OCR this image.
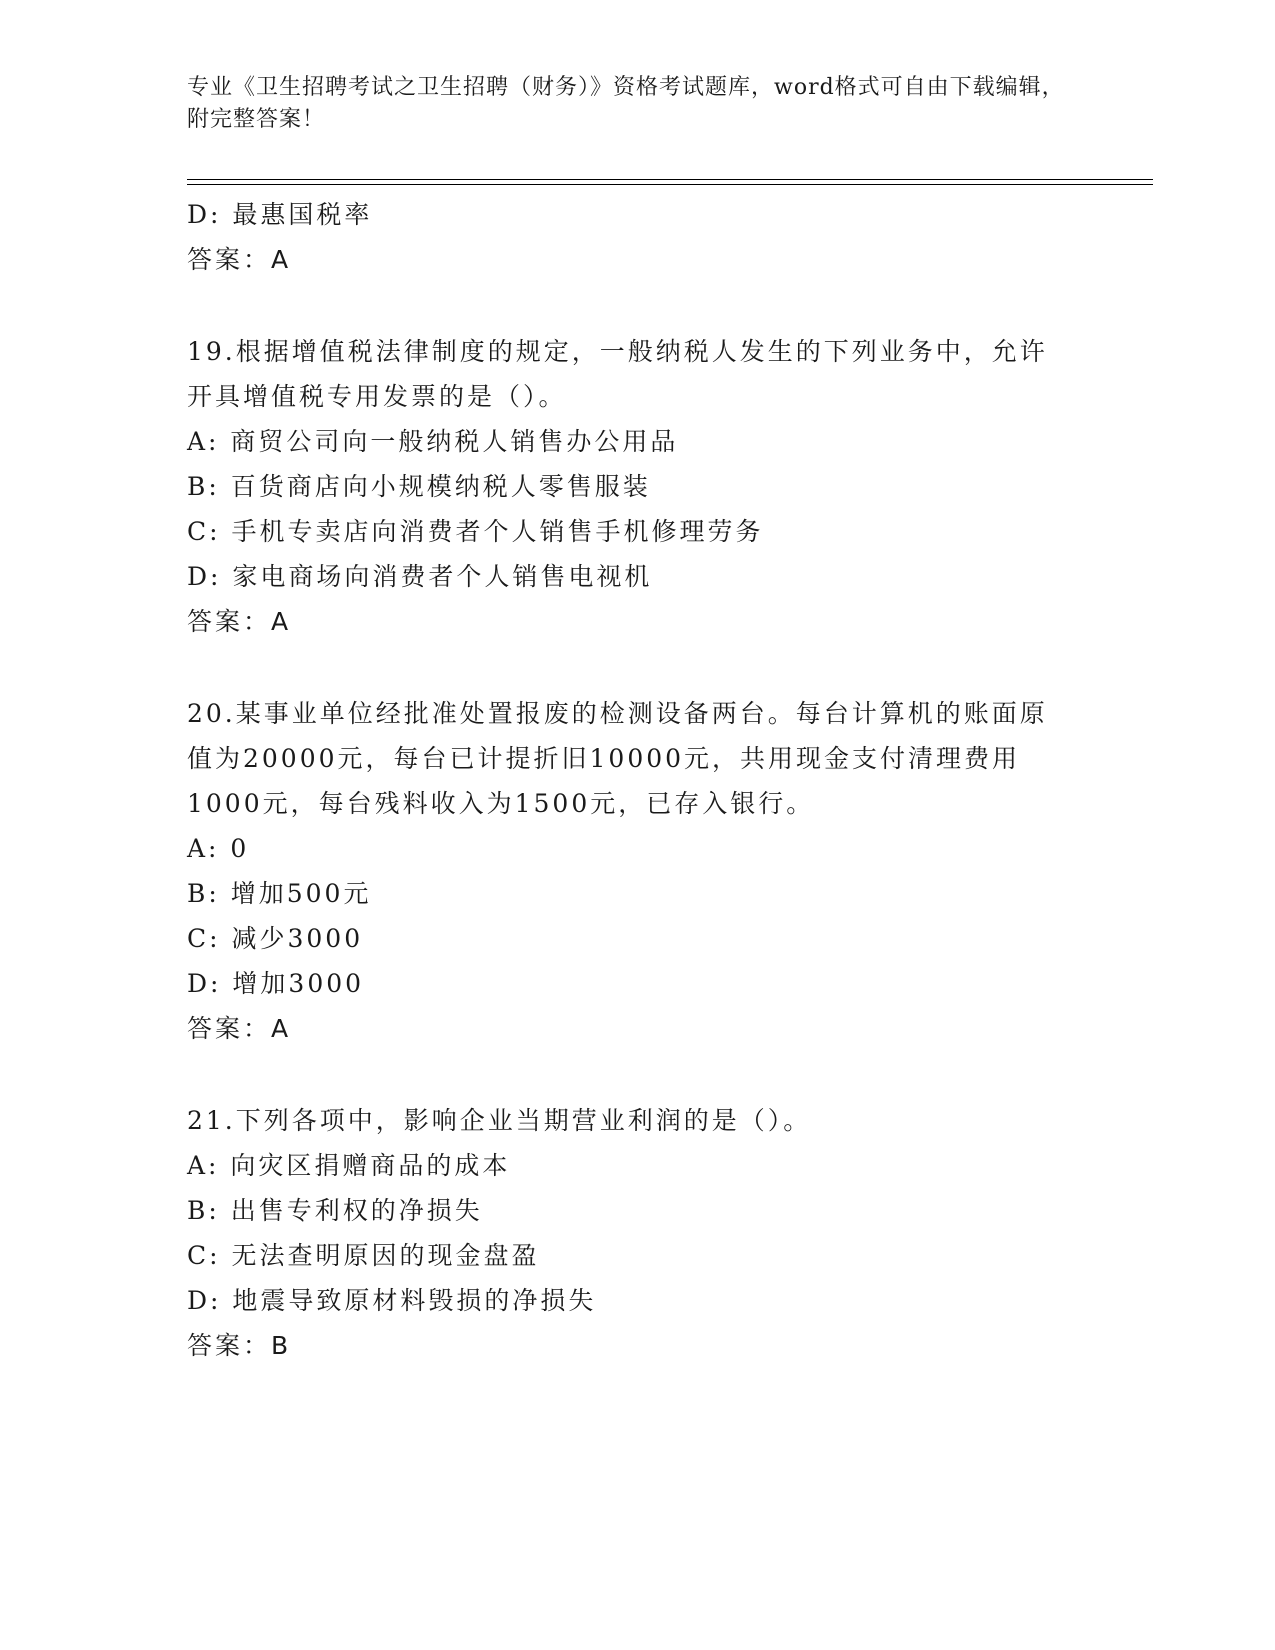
专业《卫生招聘考试之卫生招聘（财务）》资格考试题库，word格式可自由下载编辑，附完整答案！
D: 最惠国税率
答案：A
19.根据增值税法律制度的规定，一般纳税人发生的下列业务中，允许开具增值税专用发票的是（）。
A: 商贸公司向一般纳税人销售办公用品
B: 百货商店向小规模纳税人零售服装
C: 手机专卖店向消费者个人销售手机修理劳务
D: 家电商场向消费者个人销售电视机
答案：A
20.某事业单位经批准处置报废的检测设备两台。每台计算机的账面原值为20000元，每台已计提折旧10000元，共用现金支付清理费用1000元，每台残料收入为1500元，已存入银行。
A: 0
B: 增加500元
C: 减少3000
D: 增加3000
答案：A
21.下列各项中，影响企业当期营业利润的是（）。
A: 向灾区捐赠商品的成本
B: 出售专利权的净损失
C: 无法查明原因的现金盘盈
D: 地震导致原材料毁损的净损失
答案：B
